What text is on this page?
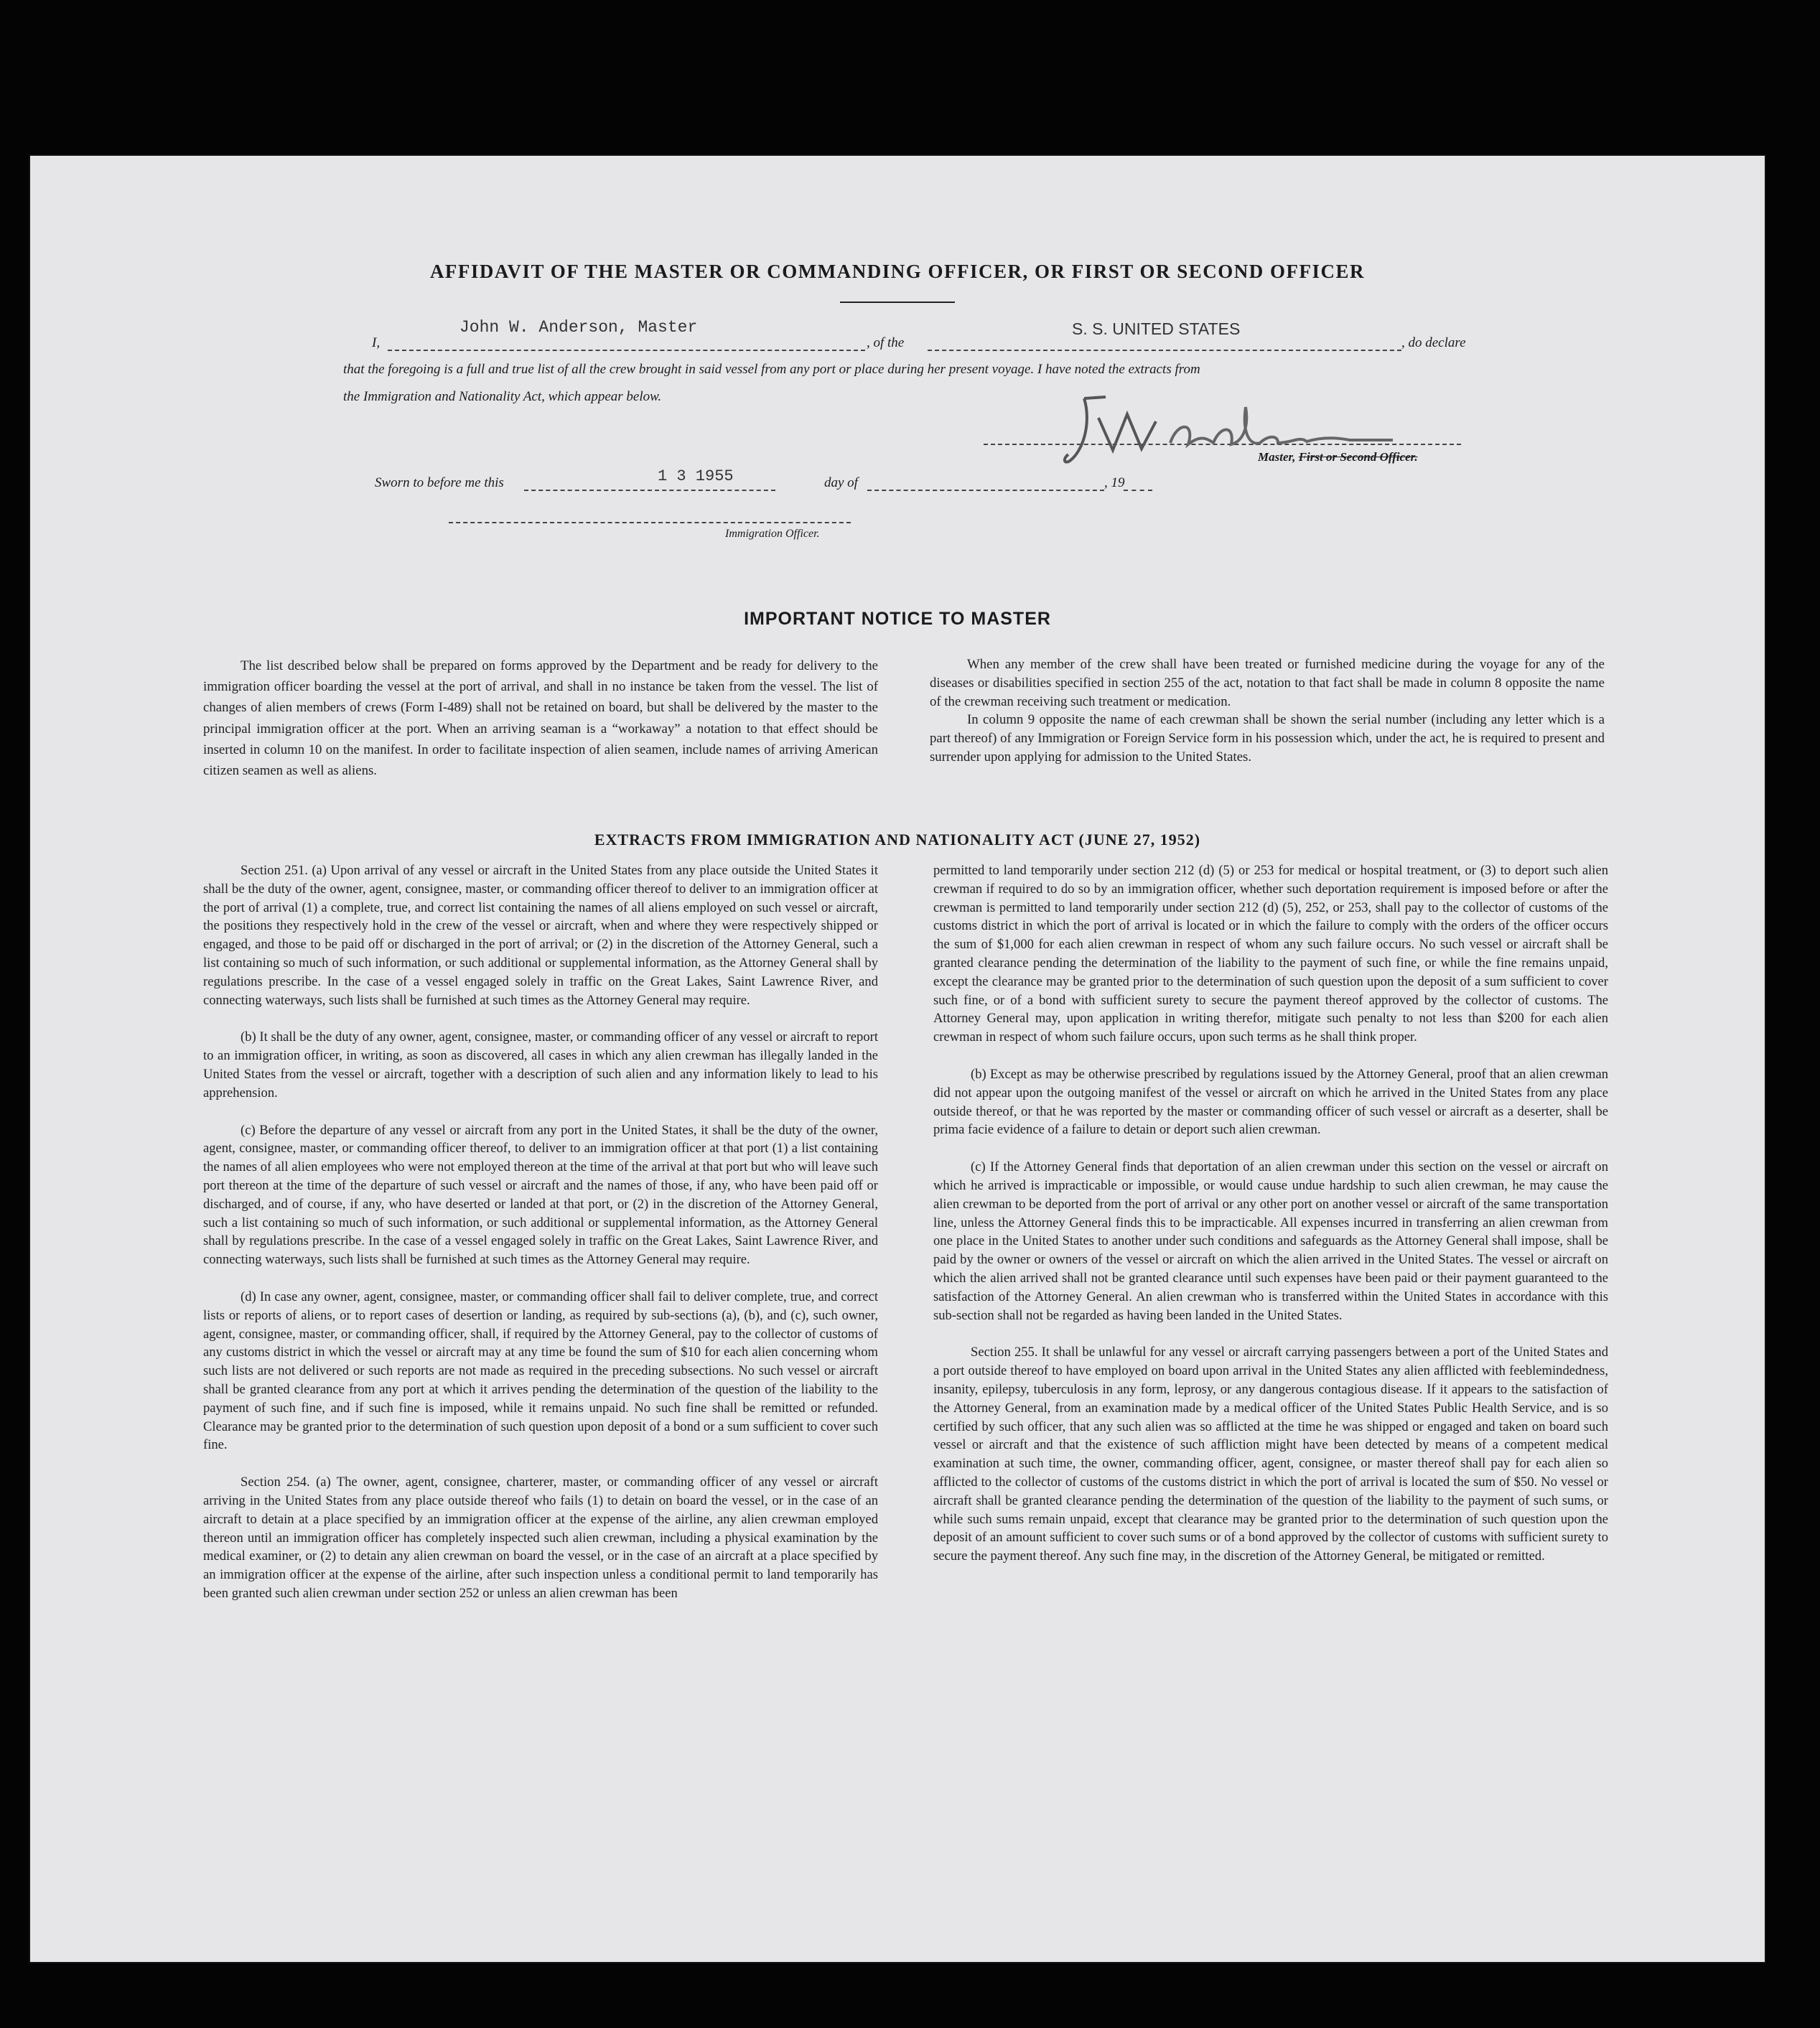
AFFIDAVIT OF THE MASTER OR COMMANDING OFFICER, OR FIRST OR SECOND OFFICER
I,
John W. Anderson, Master
, of the
S. S. UNITED STATES
, do declare
that the foregoing is a full and true list of all the crew brought in said vessel from any port or place during her present voyage. I have noted the extracts from
the Immigration and Nationality Act, which appear below.
Master, First or Second Officer.
Sworn to before me this	1 3 1955	day of	, 19
Immigration Officer.
IMPORTANT NOTICE TO MASTER

The list described below shall be prepared on forms approved by the Department and be ready for delivery to the immigration officer boarding the vessel at the port of arrival, and shall in no instance be taken from the vessel. The list of changes of alien members of crews (Form I-489) shall not be retained on board, but shall be delivered by the master to the principal immigration officer at the port. When an arriving seaman is a “workaway” a notation to that effect should be inserted in column 10 on the manifest. In order to facilitate inspection of alien seamen, include names of arriving American citizen seamen as well as aliens.

When any member of the crew shall have been treated or furnished medicine during the voyage for any of the diseases or disabilities specified in section 255 of the act, notation to that fact shall be made in column 8 opposite the name of the crewman receiving such treatment or medication.

In column 9 opposite the name of each crewman shall be shown the serial number (including any letter which is a part thereof) of any Immigration or Foreign Service form in his possession which, under the act, he is required to present and surrender upon applying for admission to the United States.

EXTRACTS FROM IMMIGRATION AND NATIONALITY ACT (JUNE 27, 1952)

Section 251. (a) Upon arrival of any vessel or aircraft in the United States from any place outside the United States it shall be the duty of the owner, agent, consignee, master, or commanding officer thereof to deliver to an immigration officer at the port of arrival (1) a complete, true, and correct list containing the names of all aliens employed on such vessel or aircraft, the positions they respectively hold in the crew of the vessel or aircraft, when and where they were respectively shipped or engaged, and those to be paid off or discharged in the port of arrival; or (2) in the discretion of the Attorney General, such a list containing so much of such information, or such additional or supplemental information, as the Attorney General shall by regulations prescribe. In the case of a vessel engaged solely in traffic on the Great Lakes, Saint Lawrence River, and connecting waterways, such lists shall be furnished at such times as the Attorney General may require.

(b) It shall be the duty of any owner, agent, consignee, master, or commanding officer of any vessel or aircraft to report to an immigration officer, in writing, as soon as discovered, all cases in which any alien crewman has illegally landed in the United States from the vessel or aircraft, together with a description of such alien and any information likely to lead to his apprehension.

(c) Before the departure of any vessel or aircraft from any port in the United States, it shall be the duty of the owner, agent, consignee, master, or commanding officer thereof, to deliver to an immigration officer at that port (1) a list containing the names of all alien employees who were not employed thereon at the time of the arrival at that port but who will leave such port thereon at the time of the departure of such vessel or aircraft and the names of those, if any, who have been paid off or discharged, and of course, if any, who have deserted or landed at that port, or (2) in the discretion of the Attorney General, such a list containing so much of such information, or such additional or supplemental information, as the Attorney General shall by regulations prescribe. In the case of a vessel engaged solely in traffic on the Great Lakes, Saint Lawrence River, and connecting waterways, such lists shall be furnished at such times as the Attorney General may require.

(d) In case any owner, agent, consignee, master, or commanding officer shall fail to deliver complete, true, and correct lists or reports of aliens, or to report cases of desertion or landing, as required by sub-sections (a), (b), and (c), such owner, agent, consignee, master, or commanding officer, shall, if required by the Attorney General, pay to the collector of customs of any customs district in which the vessel or aircraft may at any time be found the sum of $10 for each alien concerning whom such lists are not delivered or such reports are not made as required in the preceding subsections. No such vessel or aircraft shall be granted clearance from any port at which it arrives pending the determination of the question of the liability to the payment of such fine, and if such fine is imposed, while it remains unpaid. No such fine shall be remitted or refunded. Clearance may be granted prior to the determination of such question upon deposit of a bond or a sum sufficient to cover such fine.

Section 254. (a) The owner, agent, consignee, charterer, master, or commanding officer of any vessel or aircraft arriving in the United States from any place outside thereof who fails (1) to detain on board the vessel, or in the case of an aircraft to detain at a place specified by an immigration officer at the expense of the airline, any alien crewman employed thereon until an immigration officer has completely inspected such alien crewman, including a physical examination by the medical examiner, or (2) to detain any alien crewman on board the vessel, or in the case of an aircraft at a place specified by an immigration officer at the expense of the airline, after such inspection unless a conditional permit to land temporarily has been granted such alien crewman under section 252 or unless an alien crewman has been

permitted to land temporarily under section 212 (d) (5) or 253 for medical or hospital treatment, or (3) to deport such alien crewman if required to do so by an immigration officer, whether such deportation requirement is imposed before or after the crewman is permitted to land temporarily under section 212 (d) (5), 252, or 253, shall pay to the collector of customs of the customs district in which the port of arrival is located or in which the failure to comply with the orders of the officer occurs the sum of $1,000 for each alien crewman in respect of whom any such failure occurs. No such vessel or aircraft shall be granted clearance pending the determination of the liability to the payment of such fine, or while the fine remains unpaid, except the clearance may be granted prior to the determination of such question upon the deposit of a sum sufficient to cover such fine, or of a bond with sufficient surety to secure the payment thereof approved by the collector of customs. The Attorney General may, upon application in writing therefor, mitigate such penalty to not less than $200 for each alien crewman in respect of whom such failure occurs, upon such terms as he shall think proper.

(b) Except as may be otherwise prescribed by regulations issued by the Attorney General, proof that an alien crewman did not appear upon the outgoing manifest of the vessel or aircraft on which he arrived in the United States from any place outside thereof, or that he was reported by the master or commanding officer of such vessel or aircraft as a deserter, shall be prima facie evidence of a failure to detain or deport such alien crewman.

(c) If the Attorney General finds that deportation of an alien crewman under this section on the vessel or aircraft on which he arrived is impracticable or impossible, or would cause undue hardship to such alien crewman, he may cause the alien crewman to be deported from the port of arrival or any other port on another vessel or aircraft of the same transportation line, unless the Attorney General finds this to be impracticable. All expenses incurred in transferring an alien crewman from one place in the United States to another under such conditions and safeguards as the Attorney General shall impose, shall be paid by the owner or owners of the vessel or aircraft on which the alien arrived in the United States. The vessel or aircraft on which the alien arrived shall not be granted clearance until such expenses have been paid or their payment guaranteed to the satisfaction of the Attorney General. An alien crewman who is transferred within the United States in accordance with this sub-section shall not be regarded as having been landed in the United States.

Section 255. It shall be unlawful for any vessel or aircraft carrying passengers between a port of the United States and a port outside thereof to have employed on board upon arrival in the United States any alien afflicted with feeblemindedness, insanity, epilepsy, tuberculosis in any form, leprosy, or any dangerous contagious disease. If it appears to the satisfaction of the Attorney General, from an examination made by a medical officer of the United States Public Health Service, and is so certified by such officer, that any such alien was so afflicted at the time he was shipped or engaged and taken on board such vessel or aircraft and that the existence of such affliction might have been detected by means of a competent medical examination at such time, the owner, commanding officer, agent, consignee, or master thereof shall pay for each alien so afflicted to the collector of customs of the customs district in which the port of arrival is located the sum of $50. No vessel or aircraft shall be granted clearance pending the determination of the question of the liability to the payment of such sums, or while such sums remain unpaid, except that clearance may be granted prior to the determination of such question upon the deposit of an amount sufficient to cover such sums or of a bond approved by the collector of customs with sufficient surety to secure the payment thereof. Any such fine may, in the discretion of the Attorney General, be mitigated or remitted.
